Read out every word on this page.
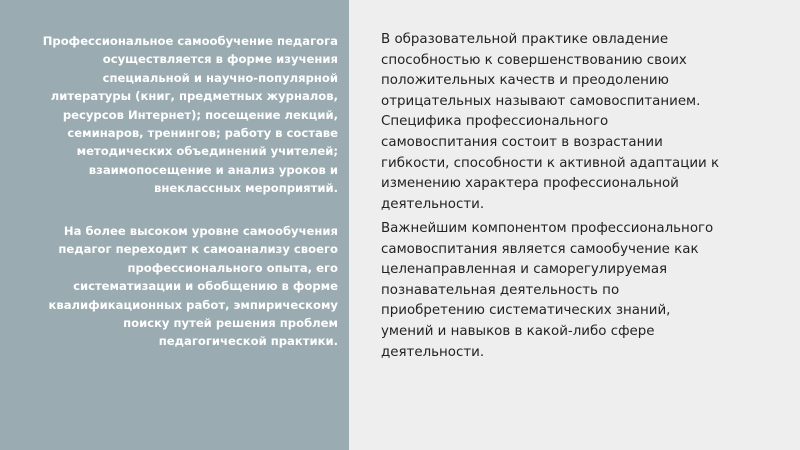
Профессиональное самообучение педагога осуществляется в форме изучения специальной и научно-популярной литературы (книг, предметных журналов, ресурсов Интернет); посещение лекций, семинаров, тренингов; работу в составе методических объединений учителей; взаимопосещение и анализ уроков и внеклассных мероприятий.
На более высоком уровне самообучения педагог переходит к самоанализу своего профессионального опыта, его систематизации и обобщению в форме квалификационных работ, эмпирическому поиску путей решения проблем педагогической практики.
В образовательной практике овладение способностью к совершенствованию своих положительных качеств и преодолению отрицательных называют самовоспитанием. Специфика профессионального самовоспитания состоит в возрастании гибкости, способности к активной адаптации к изменению характера профессиональной деятельности.
Важнейшим компонентом профессионального самовоспитания является самообучение как целенаправленная и саморегулируемая познавательная деятельность по приобретению систематических знаний, умений и навыков в какой-либо сфере деятельности.
